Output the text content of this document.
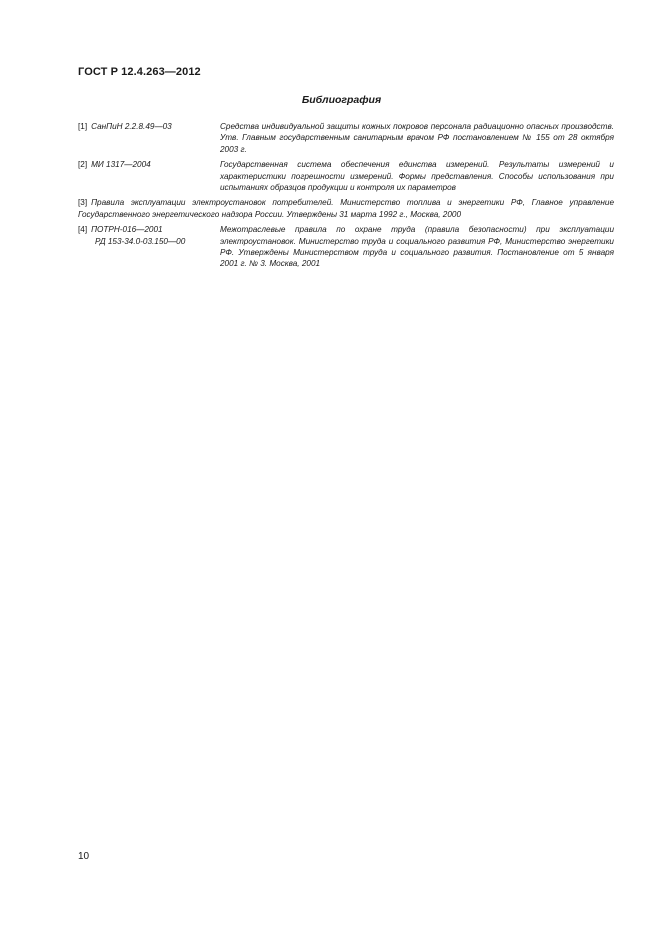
ГОСТ Р 12.4.263—2012
Библиография
[1] СанПиН 2.2.8.49—03	Средства индивидуальной защиты кожных покровов персонала радиационно опасных производств. Утв. Главным государственным санитарным врачом РФ постановлением № 155 от 28 октября 2003 г.
[2] МИ 1317—2004	Государственная система обеспечения единства измерений. Результаты измерений и характеристики погрешности измерений. Формы представления. Способы использования при испытаниях образцов продукции и контроля их параметров
[3] Правила эксплуатации электроустановок потребителей. Министерство топлива и энергетики РФ, Главное управление Государственного энергетического надзора России. Утверждены 31 марта 1992 г., Москва, 2000
[4] ПОТРН-016—2001
РД 153-34.0-03.150—00
Межотраслевые правила по охране труда (правила безопасности) при эксплуатации электроустановок. Министерство труда и социального развития РФ, Министерство энергетики РФ. Утверждены Министерством труда и социального развития. Постановление от 5 января 2001 г. № 3. Москва, 2001
10
